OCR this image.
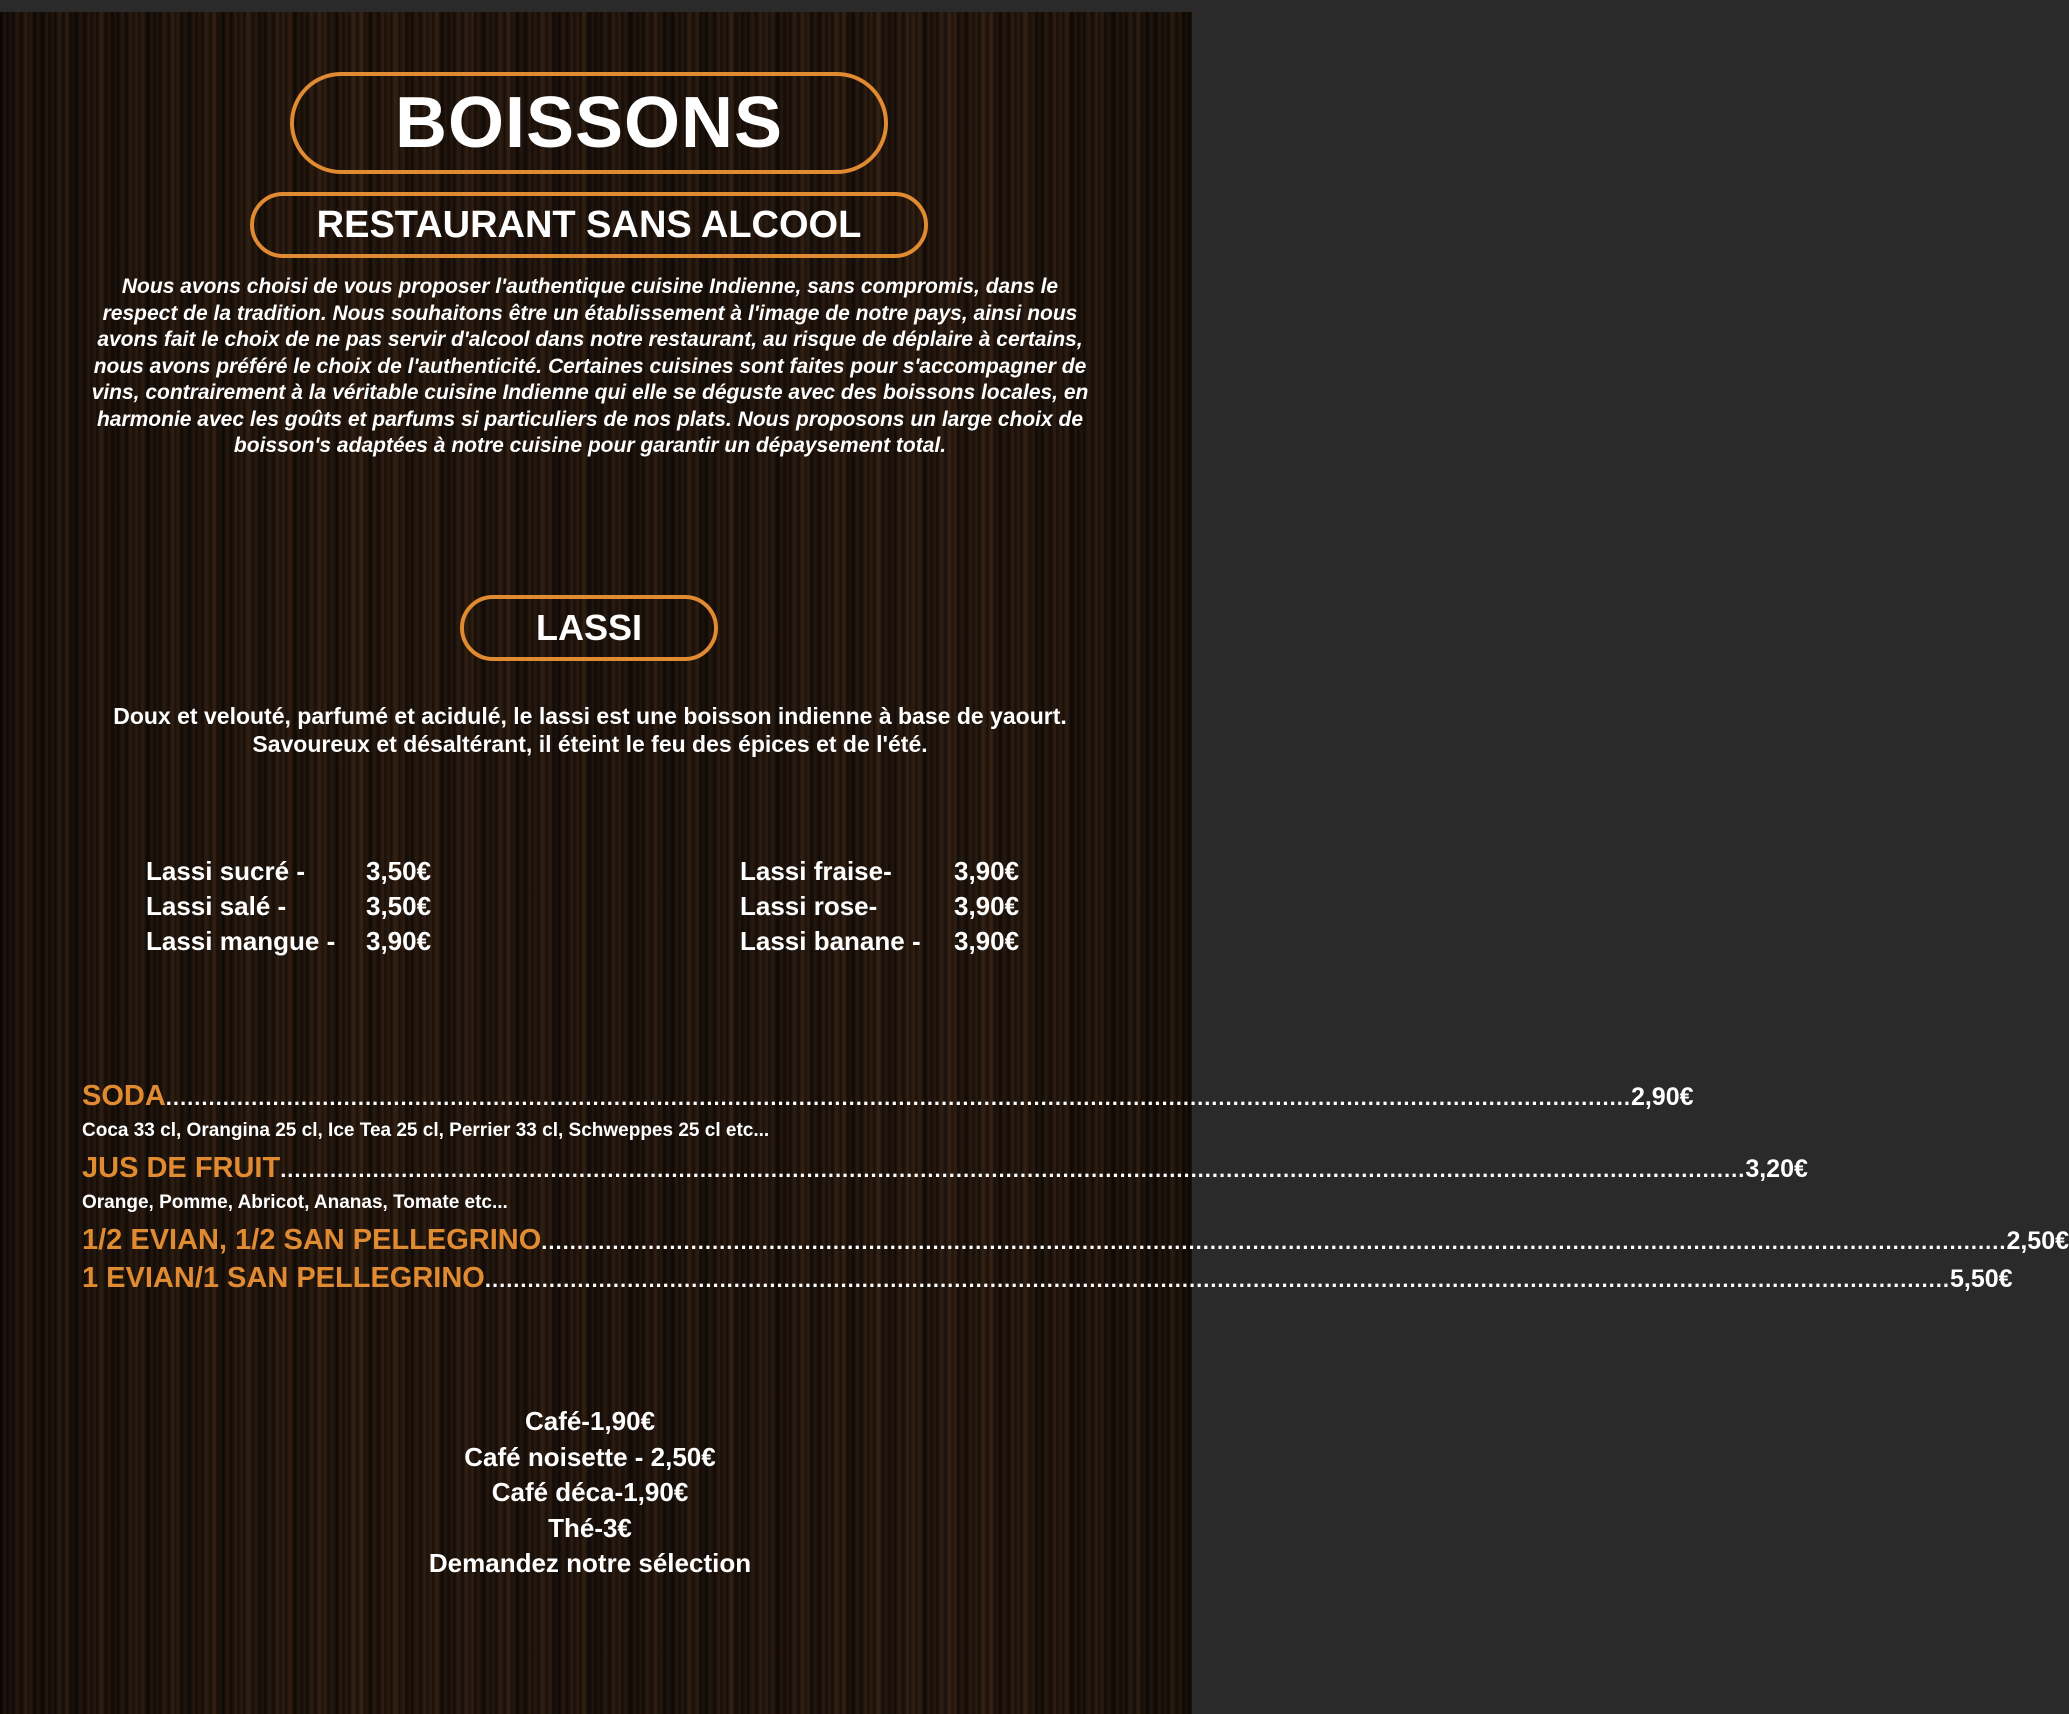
BOISSONS
RESTAURANT SANS ALCOOL
Nous avons choisi de vous proposer l'authentique cuisine Indienne, sans compromis, dans le respect de la tradition. Nous souhaitons être un établissement à l'image de notre pays, ainsi nous avons fait le choix de ne pas servir d'alcool dans notre restaurant, au risque de déplaire à certains, nous avons préféré le choix de l'authenticité. Certaines cuisines sont faites pour s'accompagner de vins, contrairement à la véritable cuisine Indienne qui elle se déguste avec des boissons locales, en harmonie avec les goûts et parfums si particuliers de nos plats. Nous proposons un large choix de boisson's adaptées à notre cuisine pour garantir un dépaysement total.
LASSI
Doux et velouté, parfumé et acidulé, le lassi est une boisson indienne à base de yaourt. Savoureux et désaltérant, il éteint le feu des épices et de l'été.
Lassi sucré -	3,50€
Lassi salé -	3,50€
Lassi mangue -	3,90€
Lassi fraise-	3,90€
Lassi rose-	3,90€
Lassi banane -	3,90€
SODA .............................................................................................................................................................................................................. 2,90€
Coca 33 cl, Orangina 25 cl, Ice Tea 25 cl, Perrier 33 cl, Schweppes 25 cl etc...
JUS DE FRUIT .............................................................................................................................................................................................................. 3,20€
Orange, Pomme, Abricot, Ananas, Tomate etc...
1/2 EVIAN, 1/2 SAN PELLEGRINO .............................................................................................................................................................................................................. 2,50€
1 EVIAN/1 SAN PELLEGRINO .............................................................................................................................................................................................................. 5,50€
Café-1,90€
Café noisette - 2,50€
Café déca-1,90€
Thé-3€
Demandez notre sélection
